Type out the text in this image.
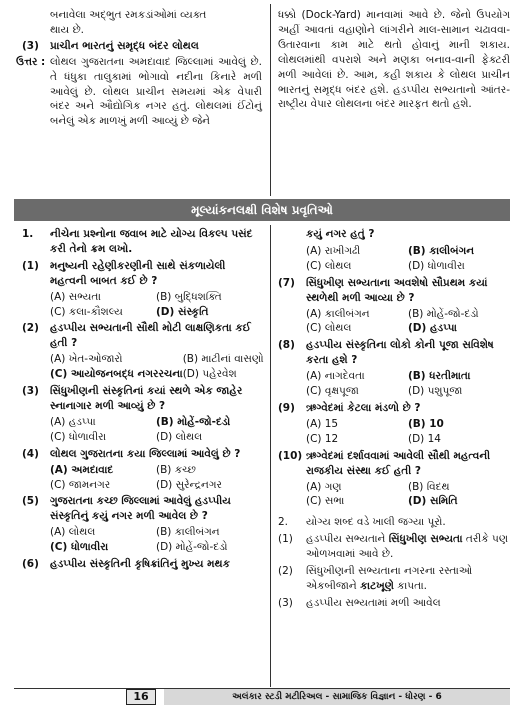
બનાવેલા અદ્ભુત રમકડાંઓમાં વ્યક્ત
થાય છે.
(3)	પ્રાચીન ભારતનું સમૃદ્ધ બંદર લોથલ
ઉત્તર : લોથલ ગુજરાતના અમદાવાદ જિલ્લામાં આવેલું છે. તે ધંધુકા તાલુકામાં ભોગાવો નદીના કિનારે મળી આવેલું છે. લોથલ પ્રાચીન સમયમાં એક વેપારી બંદર અને ઔદ્યોગિક નગર હતું. લોથલમાં ઈંટોનું બનેલું એક માળખું મળી આવ્યું છે જેને
ધક્કો (Dock-Yard) માનવામાં આવે છે. જેનો ઉપયોગ અહીં આવતાં વહાણોને લાંગરીને માલ-સામાન ચઢાવવા-ઉતારવાના કામ માટે થતો હોવાનું માની શકાય. લોથલમાંથી વપરાશે અને મણકા બનાવ-વાની ફેક્ટરી મળી આવેલાં છે. આમ, કહી શકાય કે લોથલ પ્રાચીન ભારતનું સમૃદ્ધ બંદર હશે. હડપ્પીય સભ્યતાનો આંતર-રાષ્ટ્રીય વેપાર લોથલના બંદર મારફત થતો હશે.
મૂલ્યાંકનલક્ષી વિશેષ પ્રવૃતિઓ
1.	નીચેના પ્રશ્નોના જવાબ માટે યોગ્ય વિકલ્પ પસંદ કરી તેનો ક્રમ લખો.
(1)	મનુષ્યની રહેણીકરણીની સાથે સંકળાયેલી મહત્વની બાબત કઈ છે ?
(A) સભ્યતા	(B) બુદ્ધિશક્તિ
(C) કલા-કૌશલ્ય	(D) સંસ્કૃતિ
(2)	હડપ્પીય સભ્યતાની સૌથી મોટી લાક્ષણિકતા કઈ હતી ?
(A) ખેત-ઓજારો	(B) માટીનાં વાસણો
(C) આયોજનબદ્ધ નગરરચના (D) પહેરવેશ
(3)	સિંધુખીણની સંસ્કૃતિનાં કયાં સ્થળે એક જાહેર સ્નાનાગાર મળી આવ્યું છે ?
(A) હડપ્પા	(B) મોહેં-જો-દડો
(C) ધોળાવીરા	(D) લોથલ
(4)	લોથલ ગુજરાતના કયા જિલ્લામાં આવેલું છે ?
(A) અમદાવાદ	(B) કચ્છ
(C) જામનગર	(D) સુરેન્દ્રનગર
(5)	ગુજરાતના કચ્છ જિલ્લામાં આવેલું હડપ્પીય સંસ્કૃતિનું કયું નગર મળી આવેલ છે ?
(A) લોથલ	(B) કાલીબંગન
(C) ધોળાવીરા	(D) મોહેં-જો-દડો
(6)	હડપ્પીય સંસ્કૃતિની કૃષિક્રાંતિનું મુખ્ય મથક
કયું નગર હતું ?
(A) રાખીગઢી	(B) કાલીબંગન
(C) લોથલ	(D) ધોળાવીરા
(7)	સિંધુખીણ સભ્યતાના અવશેષો સૌપ્રથમ કયાં સ્થળેથી મળી આવ્યા છે ?
(A) કાલીબંગન	(B) મોહેં-જો-દડો
(C) લોથલ	(D) હડપ્પા
(8)	હડપ્પીય સંસ્કૃતિના લોકો કોની પૂજા સવિશેષ કરતા હશે ?
(A) નાગદેવતા	(B) ધરતીમાતા
(C) વૃક્ષપૂજા	(D) પશુપૂજા
(9)	ઋગ્વેદમાં કેટલા મંડળો છે ?
(A) 15	(B) 10
(C) 12	(D) 14
(10) ઋગ્વેદમાં દર્શાવવામાં આવેલી સૌથી મહત્વની રાજકીય સંસ્થા કઈ હતી ?
(A) ગણ	(B) વિદથ
(C) સભા	(D) સમિતિ
2.	યોગ્ય શબ્દ વડે ખાલી જગ્યા પૂરો.
(1)	હડપ્પીય સભ્યતાને સિંધુખીણ સભ્યતા તરીકે પણ ઓળખવામાં આવે છે.
(2)	સિંધુખીણની સભ્યતાના નગરના રસ્તાઓ એકબીજાને કાટખૂણે કાપતા.
(3)	હડપ્પીય સભ્યતામાં મળી આવેલ
16	અલંકાર સ્ટડી મટીરિઅલ - સામાજિક વિજ્ઞાન - ધોરણ - 6
